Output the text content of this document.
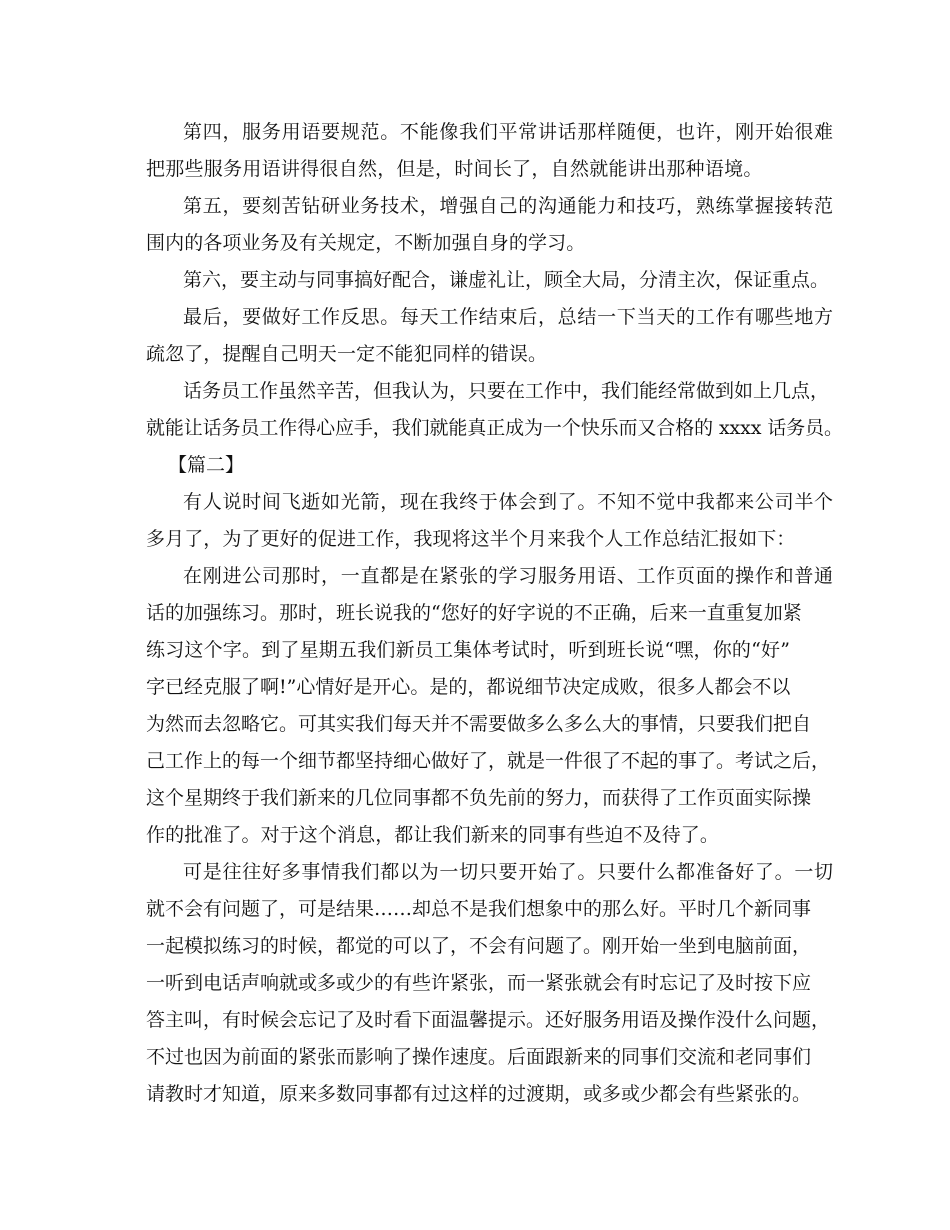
第四，服务用语要规范。不能像我们平常讲话那样随便，也许，刚开始很难

把那些服务用语讲得很自然，但是，时间长了，自然就能讲出那种语境。

第五，要刻苦钻研业务技术，增强自己的沟通能力和技巧，熟练掌握接转范

围内的各项业务及有关规定，不断加强自身的学习。

第六，要主动与同事搞好配合，谦虚礼让，顾全大局，分清主次，保证重点。

最后，要做好工作反思。每天工作结束后，总结一下当天的工作有哪些地方

疏忽了，提醒自己明天一定不能犯同样的错误。

话务员工作虽然辛苦，但我认为，只要在工作中，我们能经常做到如上几点，

就能让话务员工作得心应手，我们就能真正成为一个快乐而又合格的 xxxx 话务员。

【篇二】

有人说时间飞逝如光箭，现在我终于体会到了。不知不觉中我都来公司半个

多月了，为了更好的促进工作，我现将这半个月来我个人工作总结汇报如下：

在刚进公司那时，一直都是在紧张的学习服务用语、工作页面的操作和普通

话的加强练习。那时，班长说我的“您好的好字说的不正确，后来一直重复加紧

练习这个字。到了星期五我们新员工集体考试时，听到班长说“嘿，你的“好”

字已经克服了啊!”心情好是开心。是的，都说细节决定成败，很多人都会不以

为然而去忽略它。可其实我们每天并不需要做多么多么大的事情，只要我们把自

己工作上的每一个细节都坚持细心做好了，就是一件很了不起的事了。考试之后，

这个星期终于我们新来的几位同事都不负先前的努力，而获得了工作页面实际操

作的批准了。对于这个消息，都让我们新来的同事有些迫不及待了。

可是往往好多事情我们都以为一切只要开始了。只要什么都准备好了。一切

就不会有问题了，可是结果……却总不是我们想象中的那么好。平时几个新同事

一起模拟练习的时候，都觉的可以了，不会有问题了。刚开始一坐到电脑前面，

一听到电话声响就或多或少的有些许紧张，而一紧张就会有时忘记了及时按下应

答主叫，有时候会忘记了及时看下面温馨提示。还好服务用语及操作没什么问题，

不过也因为前面的紧张而影响了操作速度。后面跟新来的同事们交流和老同事们

请教时才知道，原来多数同事都有过这样的过渡期，或多或少都会有些紧张的。
